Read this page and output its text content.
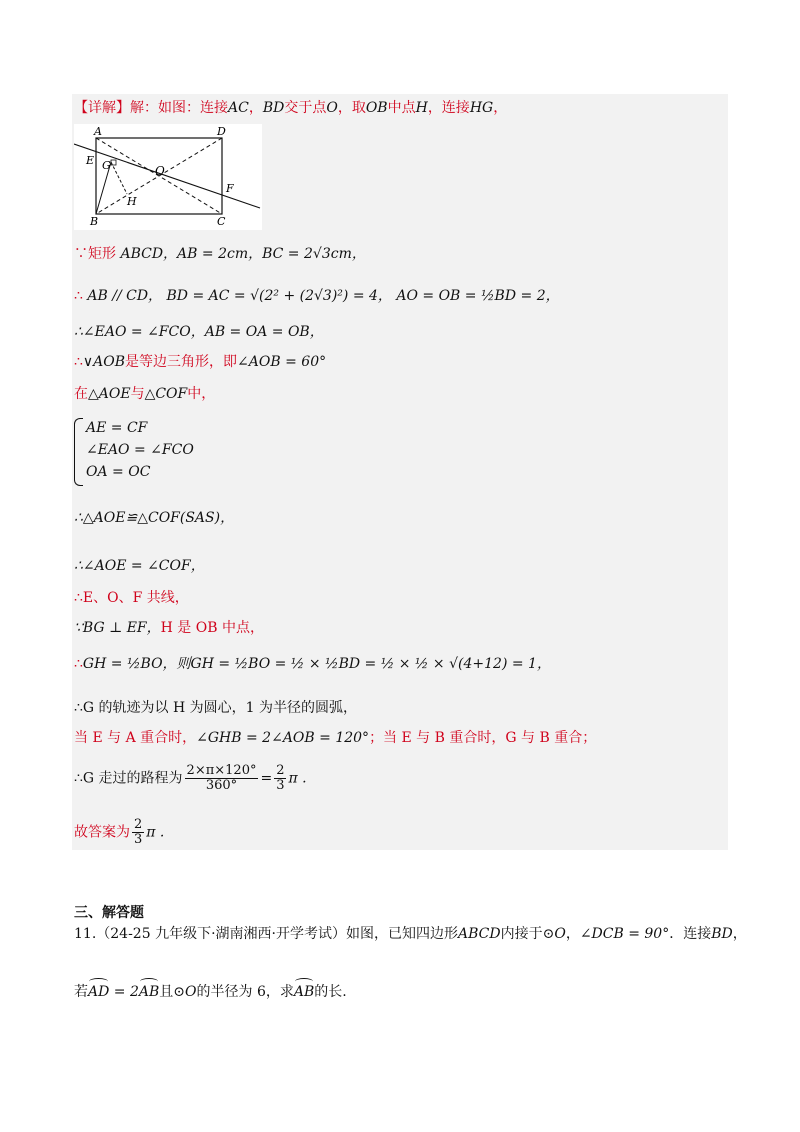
【详解】解：如图：连接AC，BD交于点O，取OB中点H，连接HG，
A	D
B	C
E
F
G
H
O
∵矩形 ABCD，AB = 2cm，BC = 2√3cm，
∴ AB // CD， BD = AC = √(2² + (2√3)²) = 4， AO = OB = ½BD = 2，
∴∠EAO = ∠FCO，AB = OA = OB，
∴∨AOB是等边三角形，即∠AOB = 60°
在△AOE与△COF中，
AE = CF
∠EAO = ∠FCO
OA = OC
∴△AOE≌△COF(SAS)，
∴∠AOE = ∠COF，
∴E、O、F 共线，
∵BG ⊥ EF，H 是 OB 中点，
∴GH = ½BO，则GH = ½BO = ½ × ½BD = ½ × ½ × √(4+12) = 1，
∴G 的轨迹为以 H 为圆心，1 为半径的圆弧，
当 E 与 A 重合时，∠GHB = 2∠AOB = 120°；当 E 与 B 重合时，G 与 B 重合；
∴G 走过的路程为 $\frac{2\times\pi\times 120^\circ}{360^\circ} = \frac{2}{3}$ π .
故答案为 $\frac{2}{3}$ π .
三、解答题
11.（24-25 九年级下·湖南湘西·开学考试）如图，已知四边形ABCD内接于⊙O，∠DCB = 90°．连接BD，
若AD = 2AB且⊙O的半径为 6，求AB的长.
